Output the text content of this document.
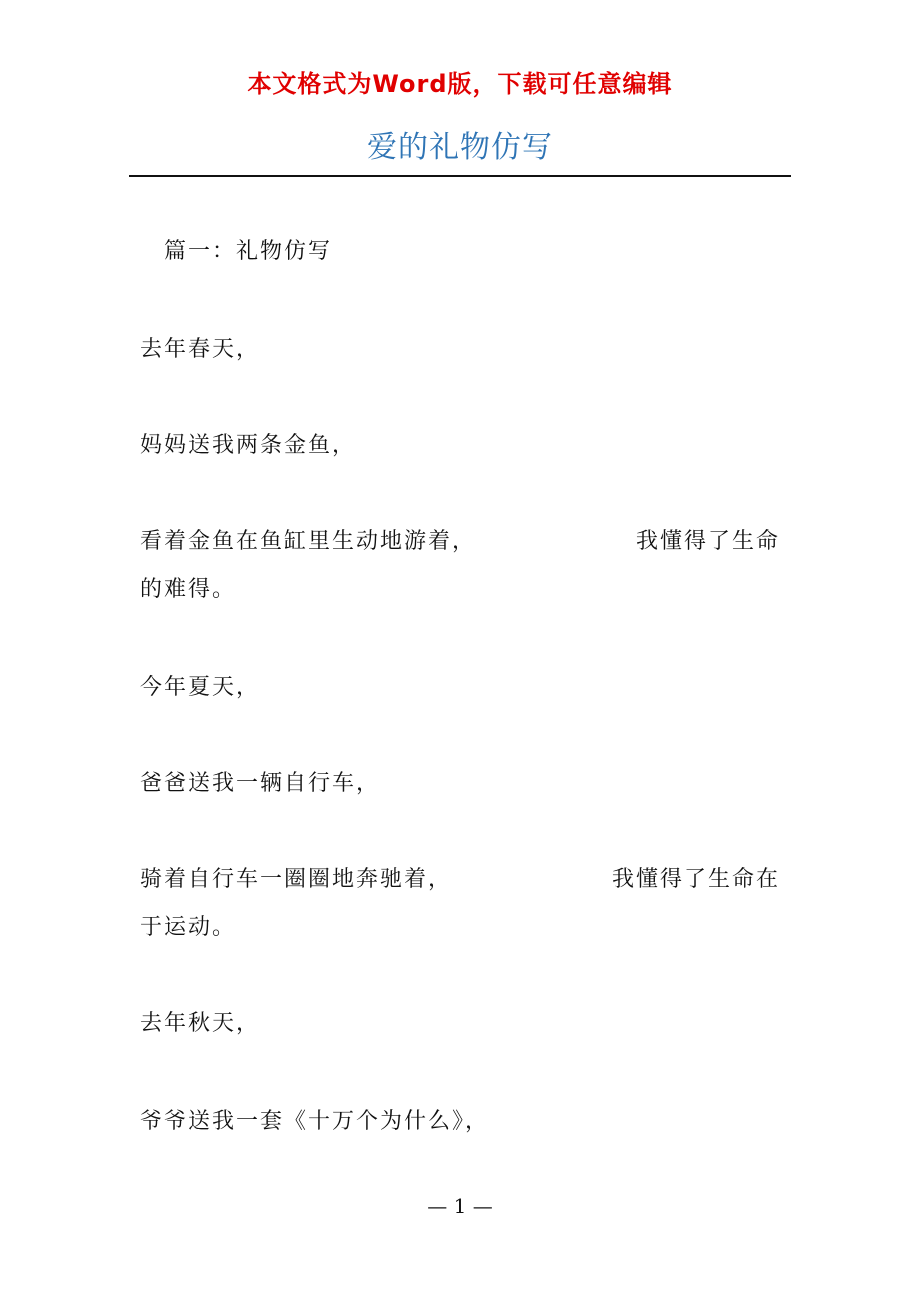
本文格式为Word版，下载可任意编辑
爱的礼物仿写
篇一：礼物仿写
去年春天，
妈妈送我两条金鱼，
看着金鱼在鱼缸里生动地游着，	我懂得了生命
的难得。
今年夏天，
爸爸送我一辆自行车，
骑着自行车一圈圈地奔驰着，	我懂得了生命在
于运动。
去年秋天，
爷爷送我一套《十万个为什么》，
— 1 —
